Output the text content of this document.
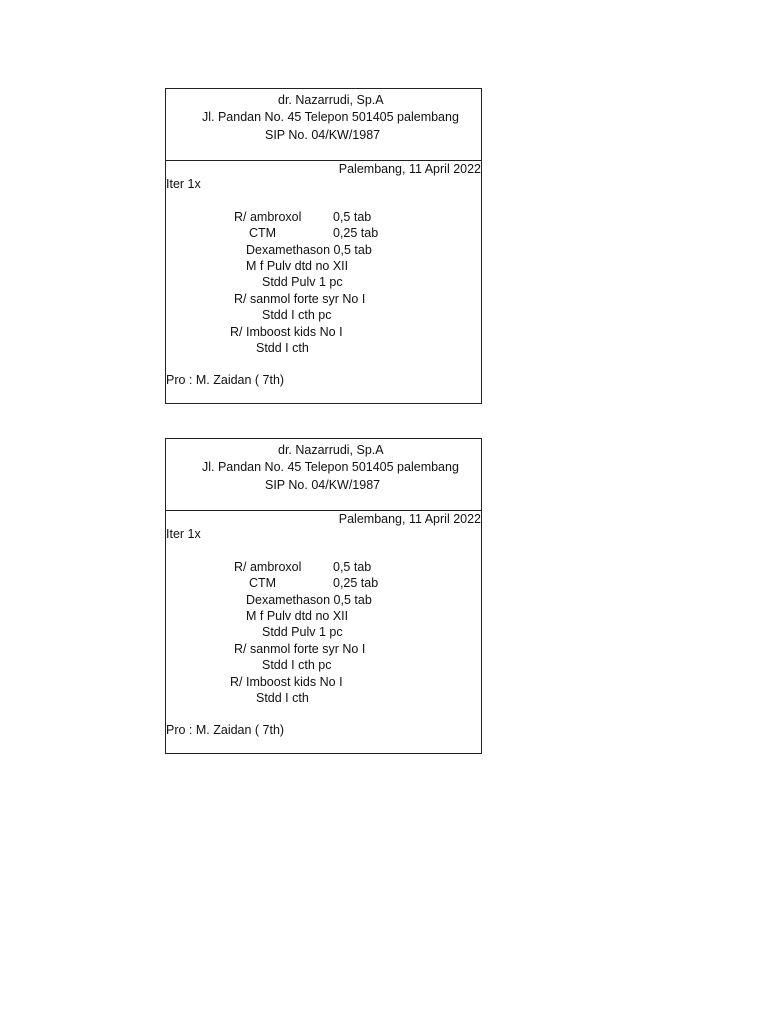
dr. Nazarrudi, Sp.A
Jl. Pandan No. 45 Telepon 501405 palembang
SIP No. 04/KW/1987
Palembang, 11 April 2022
Iter 1x
R/ ambroxol	0,5 tab
CTM	0,25 tab
Dexamethason 0,5 tab
M f Pulv dtd no XII
Stdd Pulv 1 pc
R/ sanmol forte syr No I
Stdd I cth pc
R/ Imboost kids No I
Stdd I cth
Pro : M. Zaidan ( 7th)
dr. Nazarrudi, Sp.A
Jl. Pandan No. 45 Telepon 501405 palembang
SIP No. 04/KW/1987
Palembang, 11 April 2022
Iter 1x
R/ ambroxol	0,5 tab
CTM	0,25 tab
Dexamethason 0,5 tab
M f Pulv dtd no XII
Stdd Pulv 1 pc
R/ sanmol forte syr No I
Stdd I cth pc
R/ Imboost kids No I
Stdd I cth
Pro : M. Zaidan ( 7th)
